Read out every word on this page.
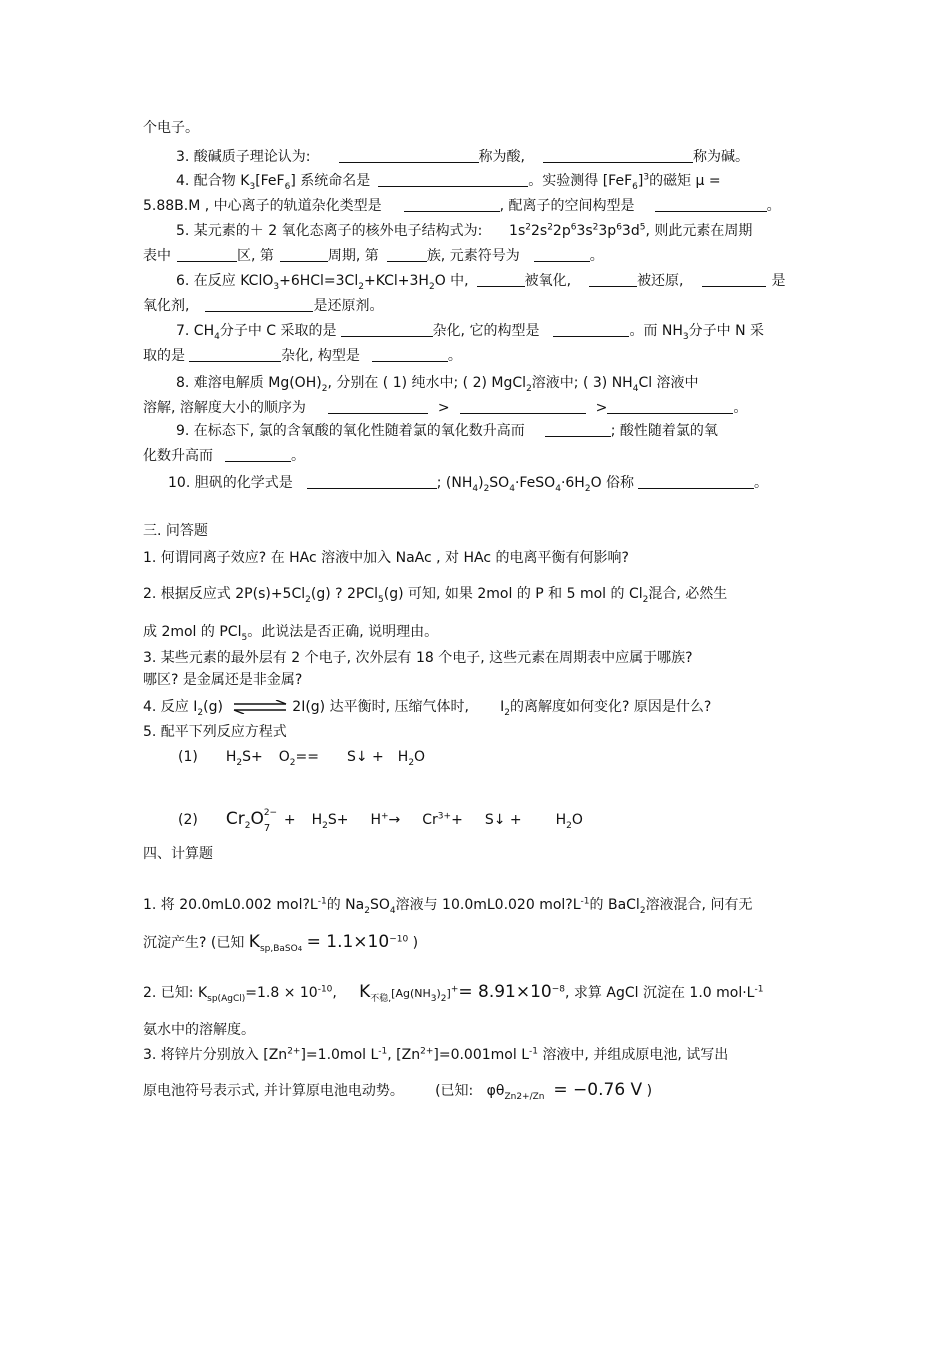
个电子。
3. 酸碱质子理论认为:	称为酸,	称为碱。
4. 配合物 $K_3[FeF_6]$ 系统命名是	。实验测得 $[FeF_6]^3$的磁矩 μ =
5.88B.M , 中心离子的轨道杂化类型是	, 配离子的空间构型是	。
5. 某元素的＋ 2 氧化态离子的核外电子结构式为: $1s^22s^22p^63s^23p^63d^5$, 则此元素在周期
表中	区, 第	周期, 第	族, 元素符号为	。
6. 在反应 $KClO_3+6HCl=3Cl_2+KCl+3H_2O$ 中,	被氧化,	被还原,	是
氧化剂,	是还原剂。
7. $CH_4$分子中 C 采取的是	杂化, 它的构型是	。而 $NH_3$分子中 N 采
取的是	杂化, 构型是	。
8. 难溶电解质 $Mg(OH)_2$, 分别在 ( 1) 纯水中; ( 2) MgCl$_2$溶液中; ( 3) $NH_4Cl$ 溶液中
溶解, 溶解度大小的顺序为	>	>	。
9. 在标态下, 氯的含氧酸的氧化性随着氯的氧化数升高而	; 酸性随着氯的氧
化数升高而	。
10. 胆矾的化学式是	; $(NH_4)_2SO_4\cdot FeSO_4\cdot 6H_2O$ 俗称	。
三. 问答题
1. 何谓同离子效应? 在 HAc 溶液中加入 NaAc , 对 HAc 的电离平衡有何影响?
2. 根据反应式 $2P(s)+5Cl_2(g)$ ? 2PCl$_5$(g) 可知, 如果 2mol 的 P 和 5 mol 的 $Cl_2$混合, 必然生
成 2mol 的 PCl$_5$。此说法是否正确, 说明理由。
3. 某些元素的最外层有 2 个电子, 次外层有 18 个电子, 这些元素在周期表中应属于哪族?
哪区? 是金属还是非金属?
4. 反应 $I_2(g)$ ⇌ 2I(g) 达平衡时, 压缩气体时, $I_2$的离解度如何变化? 原因是什么?
5. 配平下列反应方程式
(1) $H_2S+ O_2==$ S↓ + $H_2O$
(2) $Cr_2O$ 2−
7
+ $H_2S+ H^+\to Cr^{3+}+$ S↓ + $H_2O$
四、计算题
1. 将 20.0mL0.002 $mol?L^{-1}$的 $Na_2SO_4$溶液与 10.0mL0.020 $mol?L^{-1}$的 BaCl$_2$溶液混合, 问有无
沉淀产生? (已知 $K_{sp,BaSO4} = 1.1\times 10^{-10}$ )
2. 已知: $K_{sp(AgCl)}=1.8 \times 10^{-10}$, $K_{不稳,}[Ag(NH_3)_2]^+= 8.91\times 10^{-8}$, 求算 AgCl 沉淀在 1.0 $mol\cdot L^{-1}$
氨水中的溶解度。
3. 将锌片分别放入 $[Zn^{2+}]=1.0mol$ $L^{-1}$, $[Zn^{2+}]=0.001mol$ $L^{-1}$ 溶液中, 并组成原电池, 试写出
原电池符号表示式, 并计算原电池电动势。 (已知: $\varphi\theta_{Zn2+/Zn} = -0.76$ V )
